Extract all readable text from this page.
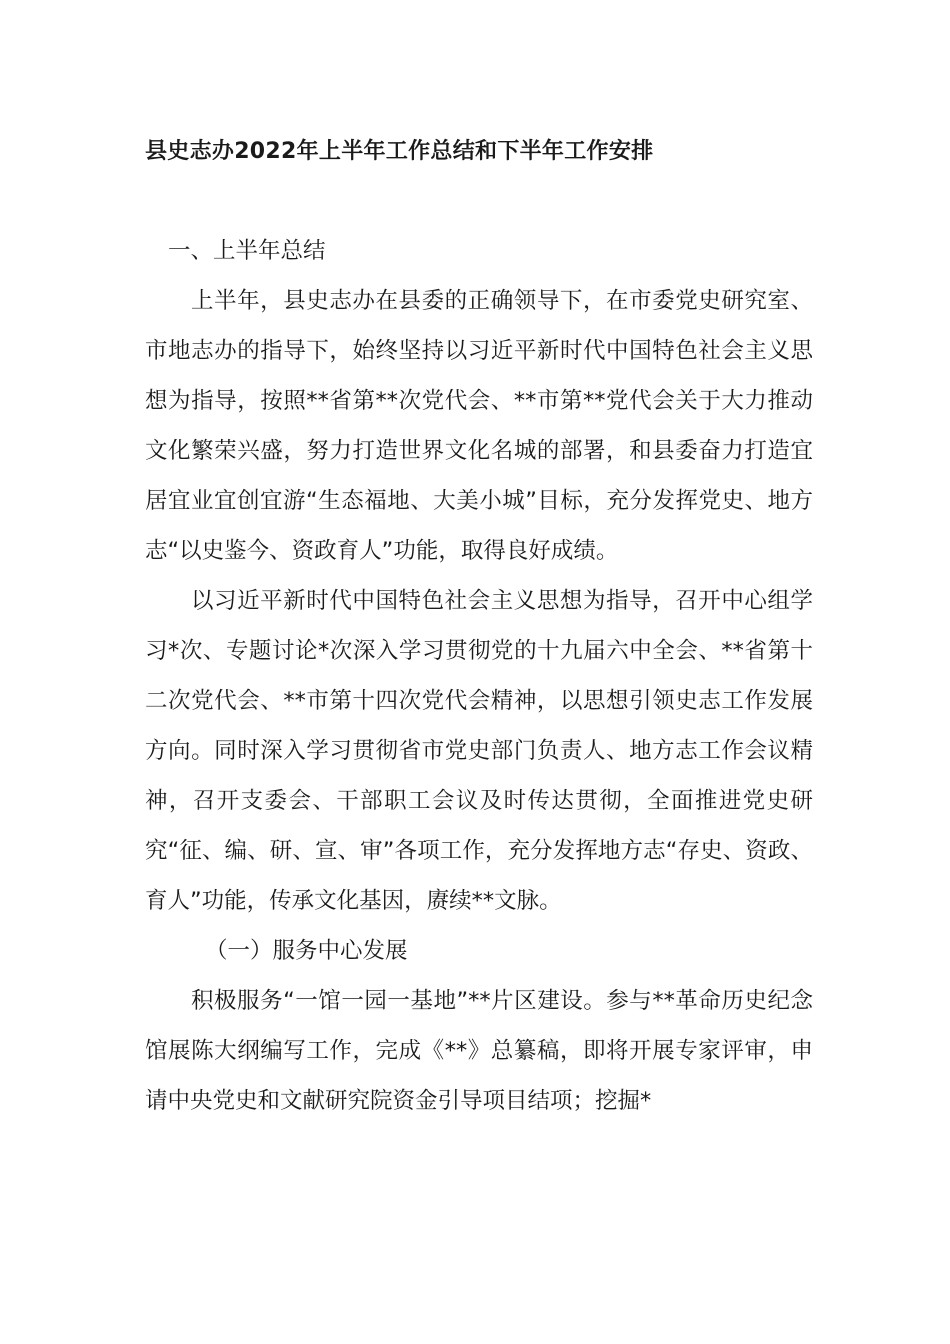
县史志办2022年上半年工作总结和下半年工作安排

一、上半年总结

上半年，县史志办在县委的正确领导下，在市委党史研究室、市地志办的指导下，始终坚持以习近平新时代中国特色社会主义思想为指导，按照**省第**次党代会、**市第**党代会关于大力推动文化繁荣兴盛，努力打造世界文化名城的部署，和县委奋力打造宜居宜业宜创宜游“生态福地、大美小城”目标，充分发挥党史、地方志“以史鉴今、资政育人”功能，取得良好成绩。

以习近平新时代中国特色社会主义思想为指导，召开中心组学习*次、专题讨论*次深入学习贯彻党的十九届六中全会、**省第十二次党代会、**市第十四次党代会精神，以思想引领史志工作发展方向。同时深入学习贯彻省市党史部门负责人、地方志工作会议精神，召开支委会、干部职工会议及时传达贯彻，全面推进党史研究“征、编、研、宣、审”各项工作，充分发挥地方志“存史、资政、育人”功能，传承文化基因，赓续**文脉。

（一）服务中心发展

积极服务“一馆一园一基地”**片区建设。参与**革命历史纪念馆展陈大纲编写工作，完成《**》总纂稿，即将开展专家评审，申请中央党史和文献研究院资金引导项目结项；挖掘*
